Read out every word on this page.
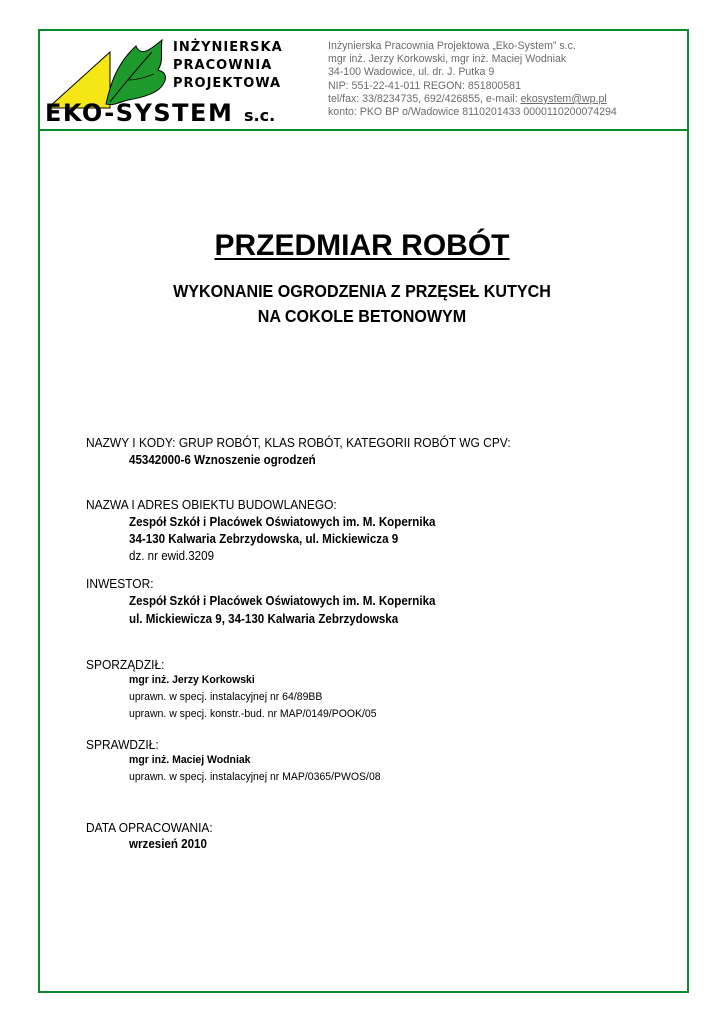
INŻYNIERSKA
PRACOWNIA
PROJEKTOWA
EKO-SYSTEM s.c.
Inżynierska Pracownia Projektowa „Eko-System” s.c.
mgr inż. Jerzy Korkowski, mgr inż. Maciej Wodniak
34-100 Wadowice, ul. dr. J. Putka 9
NIP: 551-22-41-011 REGON: 851800581
tel/fax: 33/8234735, 692/426855, e-mail: ekosystem@wp.pl
konto: PKO BP o/Wadowice 8110201433 0000110200074294
PRZEDMIAR ROBÓT
WYKONANIE OGRODZENIA Z PRZĘSEŁ KUTYCH
NA COKOLE BETONOWYM
NAZWY I KODY: GRUP ROBÓT, KLAS ROBÓT, KATEGORII ROBÓT WG CPV:
45342000-6 Wznoszenie ogrodzeń
NAZWA I ADRES OBIEKTU BUDOWLANEGO:
Zespół Szkół i Placówek Oświatowych im. M. Kopernika
34-130 Kalwaria Zebrzydowska, ul. Mickiewicza 9
dz. nr ewid.3209
INWESTOR:
Zespół Szkół i Placówek Oświatowych im. M. Kopernika
ul. Mickiewicza 9, 34-130 Kalwaria Zebrzydowska
SPORZĄDZIŁ:
mgr inż. Jerzy Korkowski
uprawn. w specj. instalacyjnej nr 64/89BB
uprawn. w specj. konstr.-bud. nr MAP/0149/POOK/05
SPRAWDZIŁ:
mgr inż. Maciej Wodniak
uprawn. w specj. instalacyjnej nr MAP/0365/PWOS/08
DATA OPRACOWANIA:
wrzesień 2010
